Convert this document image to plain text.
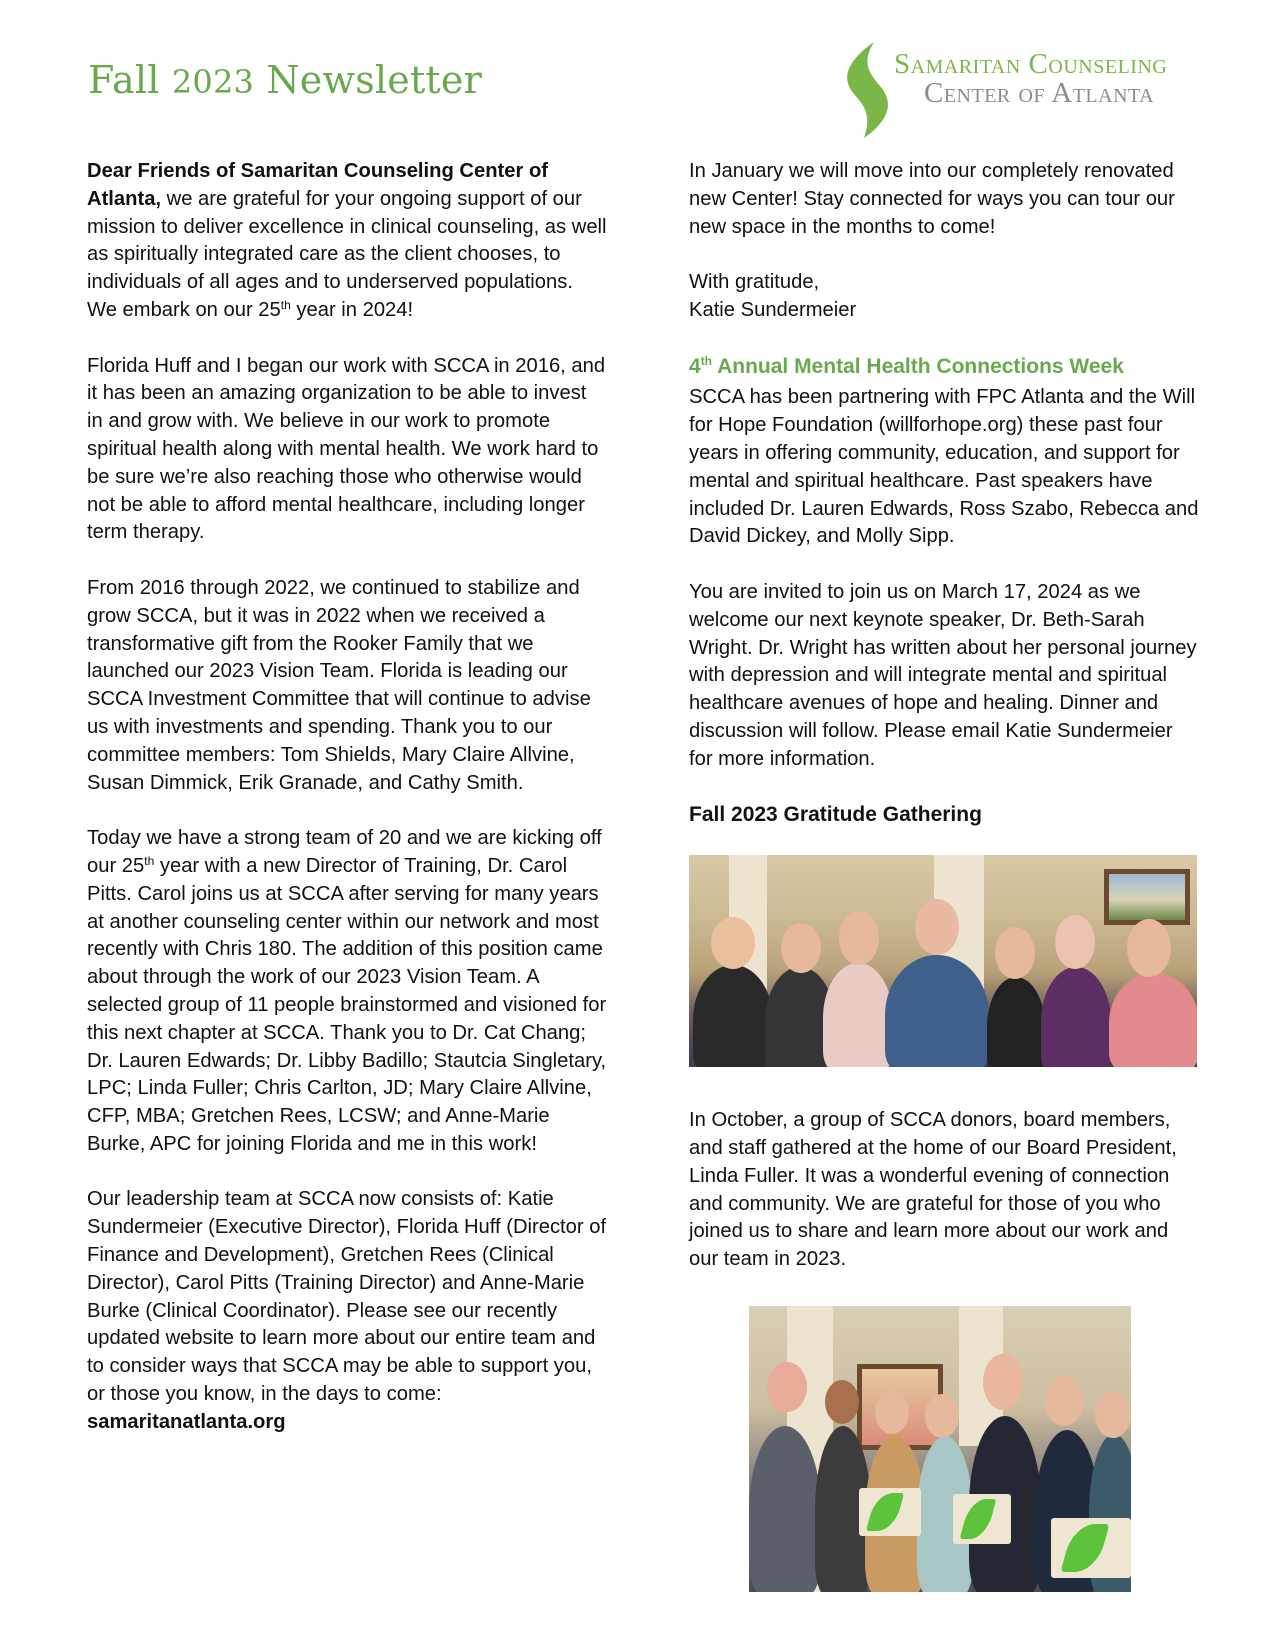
Fall 2023 Newsletter	Samaritan Counseling
Center of Atlanta

Dear Friends of Samaritan Counseling Center of Atlanta, we are grateful for your ongoing support of our mission to deliver excellence in clinical counseling, as well as spiritually integrated care as the client chooses, to individuals of all ages and to underserved populations. We embark on our 25th year in 2024!

Florida Huff and I began our work with SCCA in 2016, and it has been an amazing organization to be able to invest in and grow with. We believe in our work to promote spiritual health along with mental health. We work hard to be sure we’re also reaching those who otherwise would not be able to afford mental healthcare, including longer term therapy.

From 2016 through 2022, we continued to stabilize and grow SCCA, but it was in 2022 when we received a transformative gift from the Rooker Family that we launched our 2023 Vision Team. Florida is leading our SCCA Investment Committee that will continue to advise us with investments and spending. Thank you to our committee members: Tom Shields, Mary Claire Allvine, Susan Dimmick, Erik Granade, and Cathy Smith.

Today we have a strong team of 20 and we are kicking off our 25th year with a new Director of Training, Dr. Carol Pitts. Carol joins us at SCCA after serving for many years at another counseling center within our network and most recently with Chris 180. The addition of this position came about through the work of our 2023 Vision Team. A selected group of 11 people brainstormed and visioned for this next chapter at SCCA. Thank you to Dr. Cat Chang; Dr. Lauren Edwards; Dr. Libby Badillo; Stautcia Singletary, LPC; Linda Fuller; Chris Carlton, JD; Mary Claire Allvine, CFP, MBA; Gretchen Rees, LCSW; and Anne-Marie Burke, APC for joining Florida and me in this work!

Our leadership team at SCCA now consists of: Katie Sundermeier (Executive Director), Florida Huff (Director of Finance and Development), Gretchen Rees (Clinical Director), Carol Pitts (Training Director) and Anne-Marie Burke (Clinical Coordinator). Please see our recently updated website to learn more about our entire team and to consider ways that SCCA may be able to support you, or those you know, in the days to come: samaritanatlanta.org

In January we will move into our completely renovated new Center! Stay connected for ways you can tour our new space in the months to come!

With gratitude,

Katie Sundermeier

4th Annual Mental Health Connections Week

SCCA has been partnering with FPC Atlanta and the Will for Hope Foundation (willforhope.org) these past four years in offering community, education, and support for mental and spiritual healthcare. Past speakers have included Dr. Lauren Edwards, Ross Szabo, Rebecca and David Dickey, and Molly Sipp.

You are invited to join us on March 17, 2024 as we welcome our next keynote speaker, Dr. Beth-Sarah Wright. Dr. Wright has written about her personal journey with depression and will integrate mental and spiritual healthcare avenues of hope and healing. Dinner and discussion will follow. Please email Katie Sundermeier for more information.

Fall 2023 Gratitude Gathering

In October, a group of SCCA donors, board members, and staff gathered at the home of our Board President, Linda Fuller. It was a wonderful evening of connection and community. We are grateful for those of you who joined us to share and learn more about our work and our team in 2023.
